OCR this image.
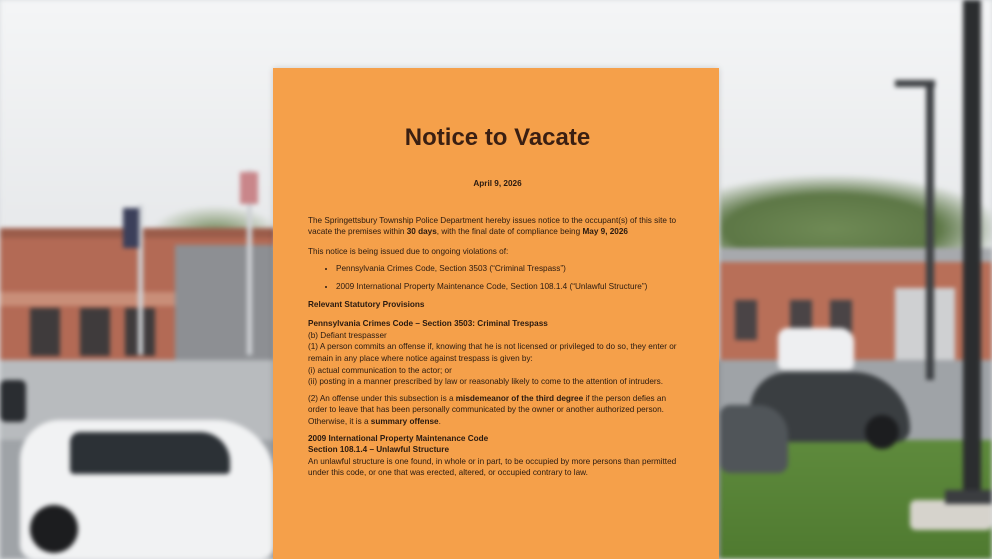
Notice to Vacate
April 9, 2026

The Springettsbury Township Police Department hereby issues notice to the occupant(s) of this site to vacate the premises within 30 days, with the final date of compliance being May 9, 2026

This notice is being issued due to ongoing violations of:

• Pennsylvania Crimes Code, Section 3503 (“Criminal Trespass”)
• 2009 International Property Maintenance Code, Section 108.1.4 (“Unlawful Structure”)

Relevant Statutory Provisions

Pennsylvania Crimes Code – Section 3503: Criminal Trespass

(b) Defiant trespasser

(1) A person commits an offense if, knowing that he is not licensed or privileged to do so, they enter or remain in any place where notice against trespass is given by:

(i) actual communication to the actor; or

(ii) posting in a manner prescribed by law or reasonably likely to come to the attention of intruders.

(2) An offense under this subsection is a misdemeanor of the third degree if the person defies an order to leave that has been personally communicated by the owner or another authorized person. Otherwise, it is a summary offense.

2009 International Property Maintenance Code

Section 108.1.4 – Unlawful Structure

An unlawful structure is one found, in whole or in part, to be occupied by more persons than permitted under this code, or one that was erected, altered, or occupied contrary to law.
